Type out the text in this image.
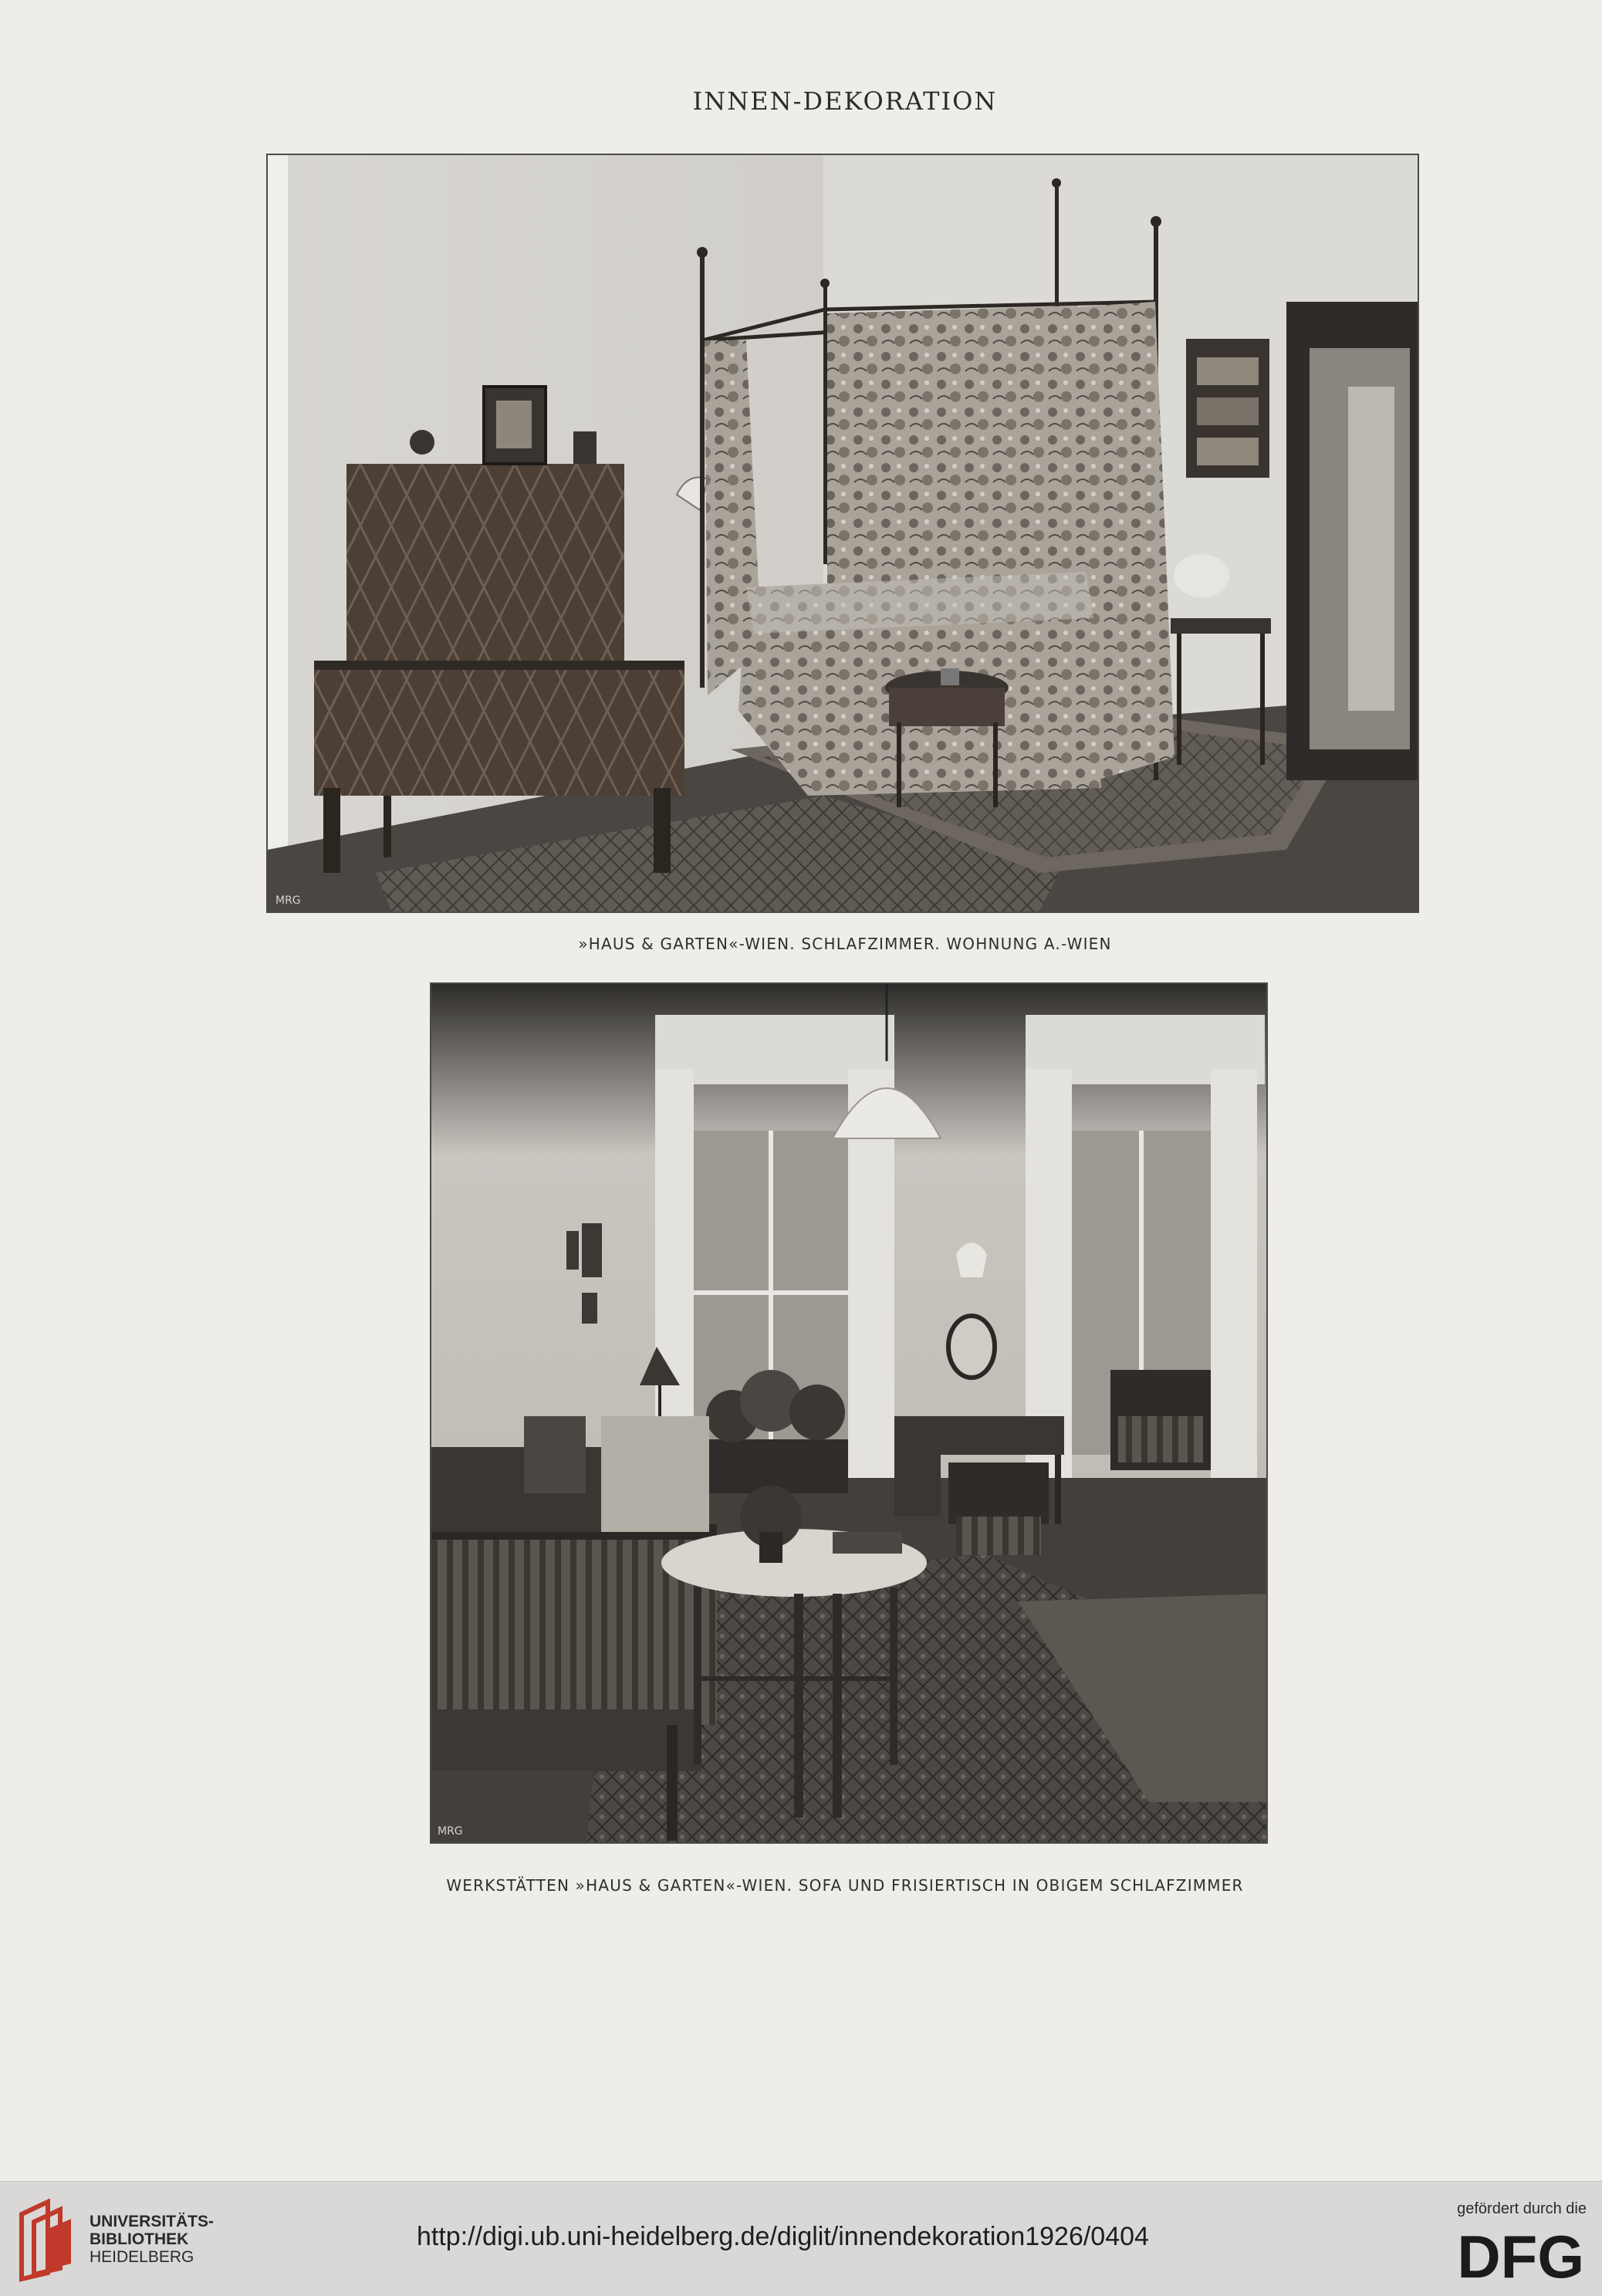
INNEN-DEKORATION
MRG
»HAUS & GARTEN«-WIEN. SCHLAFZIMMER. WOHNUNG A.-WIEN
MRG
WERKSTÄTTEN »HAUS & GARTEN«-WIEN. SOFA UND FRISIERTISCH IN OBIGEM SCHLAFZIMMER
UNIVERSITÄTS-
BIBLIOTHEK
HEIDELBERG
http://digi.ub.uni-heidelberg.de/diglit/innendekoration1926/0404
gefördert durch die
DFG
